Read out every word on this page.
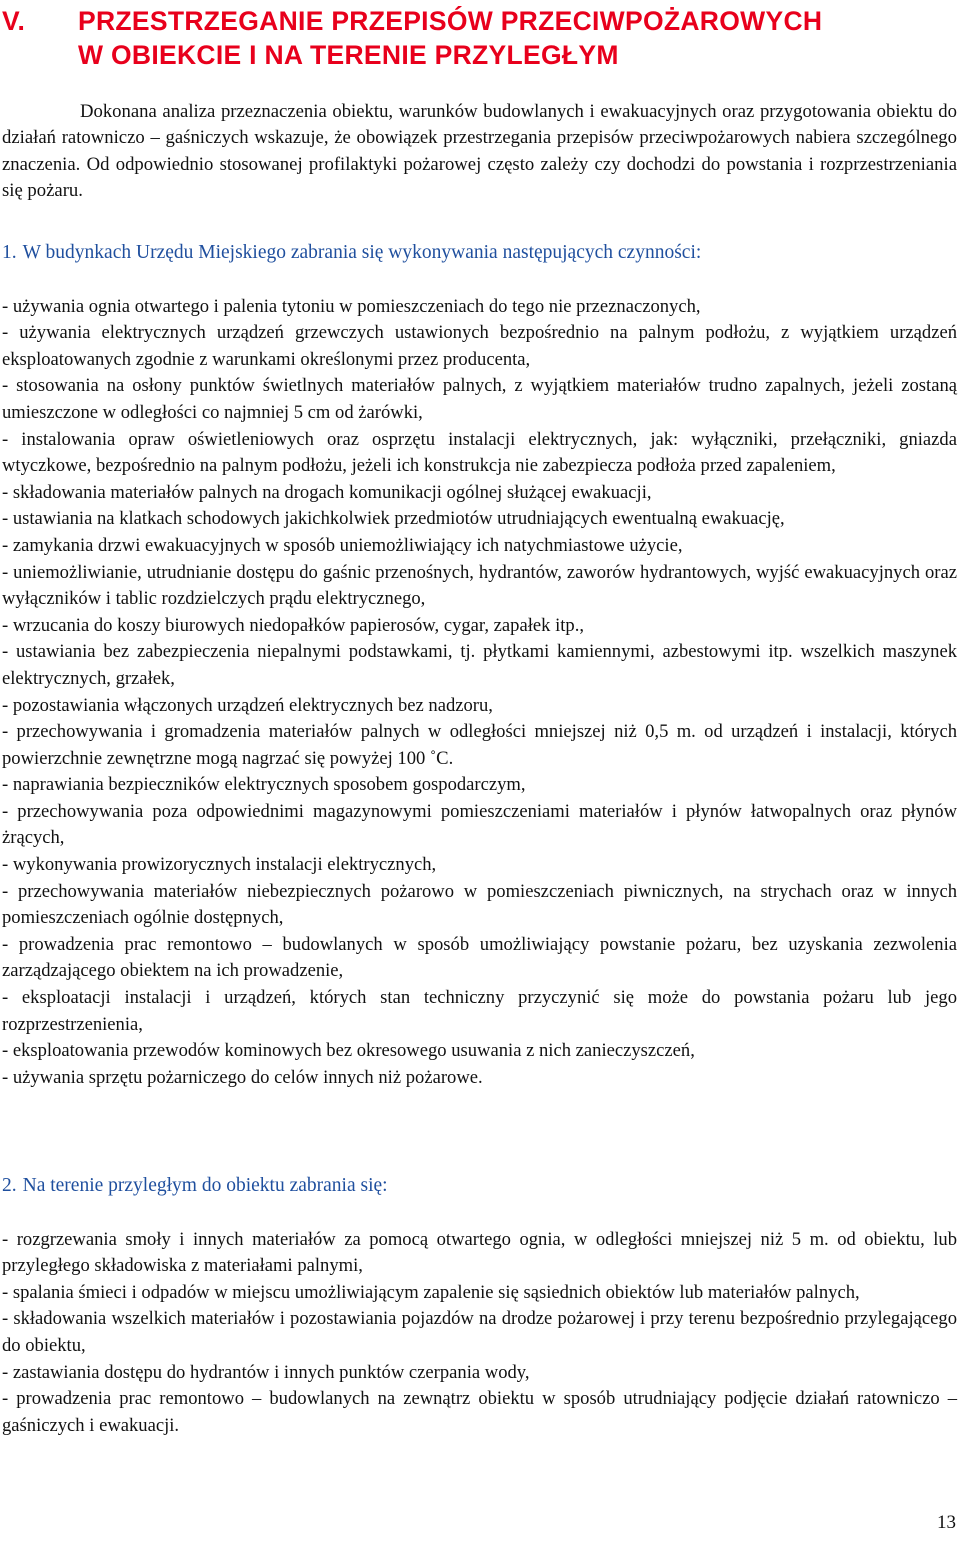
V. PRZESTRZEGANIE PRZEPISÓW PRZECIWPOŻAROWYCH
W OBIEKCIE I NA TERENIE PRZYLEGŁYM

Dokonana analiza przeznaczenia obiektu, warunków budowlanych i ewakuacyjnych oraz przygotowania obiektu do działań ratowniczo – gaśniczych wskazuje, że obowiązek przestrzegania przepisów przeciwpożarowych nabiera szczególnego znaczenia. Od odpowiednio stosowanej profilaktyki pożarowej często zależy czy dochodzi do powstania i rozprzestrzeniania się pożaru.

1. W budynkach Urzędu Miejskiego zabrania się wykonywania następujących czynności:
- używania ognia otwartego i palenia tytoniu w pomieszczeniach do tego nie przeznaczonych,
- używania elektrycznych urządzeń grzewczych ustawionych bezpośrednio na palnym podłożu, z wyjątkiem urządzeń eksploatowanych zgodnie z warunkami określonymi przez producenta,
- stosowania na osłony punktów świetlnych materiałów palnych, z wyjątkiem materiałów trudno zapalnych, jeżeli zostaną umieszczone w odległości co najmniej 5 cm od żarówki,
- instalowania opraw oświetleniowych oraz osprzętu instalacji elektrycznych, jak: wyłączniki, przełączniki, gniazda wtyczkowe, bezpośrednio na palnym podłożu, jeżeli ich konstrukcja nie zabezpiecza podłoża przed zapaleniem,
- składowania materiałów palnych na drogach komunikacji ogólnej służącej ewakuacji,
- ustawiania na klatkach schodowych jakichkolwiek przedmiotów utrudniających ewentualną ewakuację,
- zamykania drzwi ewakuacyjnych w sposób uniemożliwiający ich natychmiastowe użycie,
- uniemożliwianie, utrudnianie dostępu do gaśnic przenośnych, hydrantów, zaworów hydrantowych, wyjść ewakuacyjnych oraz wyłączników i tablic rozdzielczych prądu elektrycznego,
- wrzucania do koszy biurowych niedopałków papierosów, cygar, zapałek itp.,
- ustawiania bez zabezpieczenia niepalnymi podstawkami, tj. płytkami kamiennymi, azbestowymi itp. wszelkich maszynek elektrycznych, grzałek,
- pozostawiania włączonych urządzeń elektrycznych bez nadzoru,
- przechowywania i gromadzenia materiałów palnych w odległości mniejszej niż 0,5 m. od urządzeń i instalacji, których powierzchnie zewnętrzne mogą nagrzać się powyżej 100 ˚C.
- naprawiania bezpieczników elektrycznych sposobem gospodarczym,
- przechowywania poza odpowiednimi magazynowymi pomieszczeniami materiałów i płynów łatwopalnych oraz płynów żrących,
- wykonywania prowizorycznych instalacji elektrycznych,
- przechowywania materiałów niebezpiecznych pożarowo w pomieszczeniach piwnicznych, na strychach oraz w innych pomieszczeniach ogólnie dostępnych,
- prowadzenia prac remontowo – budowlanych w sposób umożliwiający powstanie pożaru, bez uzyskania zezwolenia zarządzającego obiektem na ich prowadzenie,
- eksploatacji instalacji i urządzeń, których stan techniczny przyczynić się może do powstania pożaru lub jego rozprzestrzenienia,
- eksploatowania przewodów kominowych bez okresowego usuwania z nich zanieczyszczeń,
- używania sprzętu pożarniczego do celów innych niż pożarowe.
2. Na terenie przyległym do obiektu zabrania się:
- rozgrzewania smoły i innych materiałów za pomocą otwartego ognia, w odległości mniejszej niż 5 m. od obiektu, lub przyległego składowiska z materiałami palnymi,
- spalania śmieci i odpadów w miejscu umożliwiającym zapalenie się sąsiednich obiektów lub materiałów palnych,
- składowania wszelkich materiałów i pozostawiania pojazdów na drodze pożarowej i przy terenu bezpośrednio przylegającego do obiektu,
- zastawiania dostępu do hydrantów i innych punktów czerpania wody,
- prowadzenia prac remontowo – budowlanych na zewnątrz obiektu w sposób utrudniający podjęcie działań ratowniczo – gaśniczych i ewakuacji.
13
